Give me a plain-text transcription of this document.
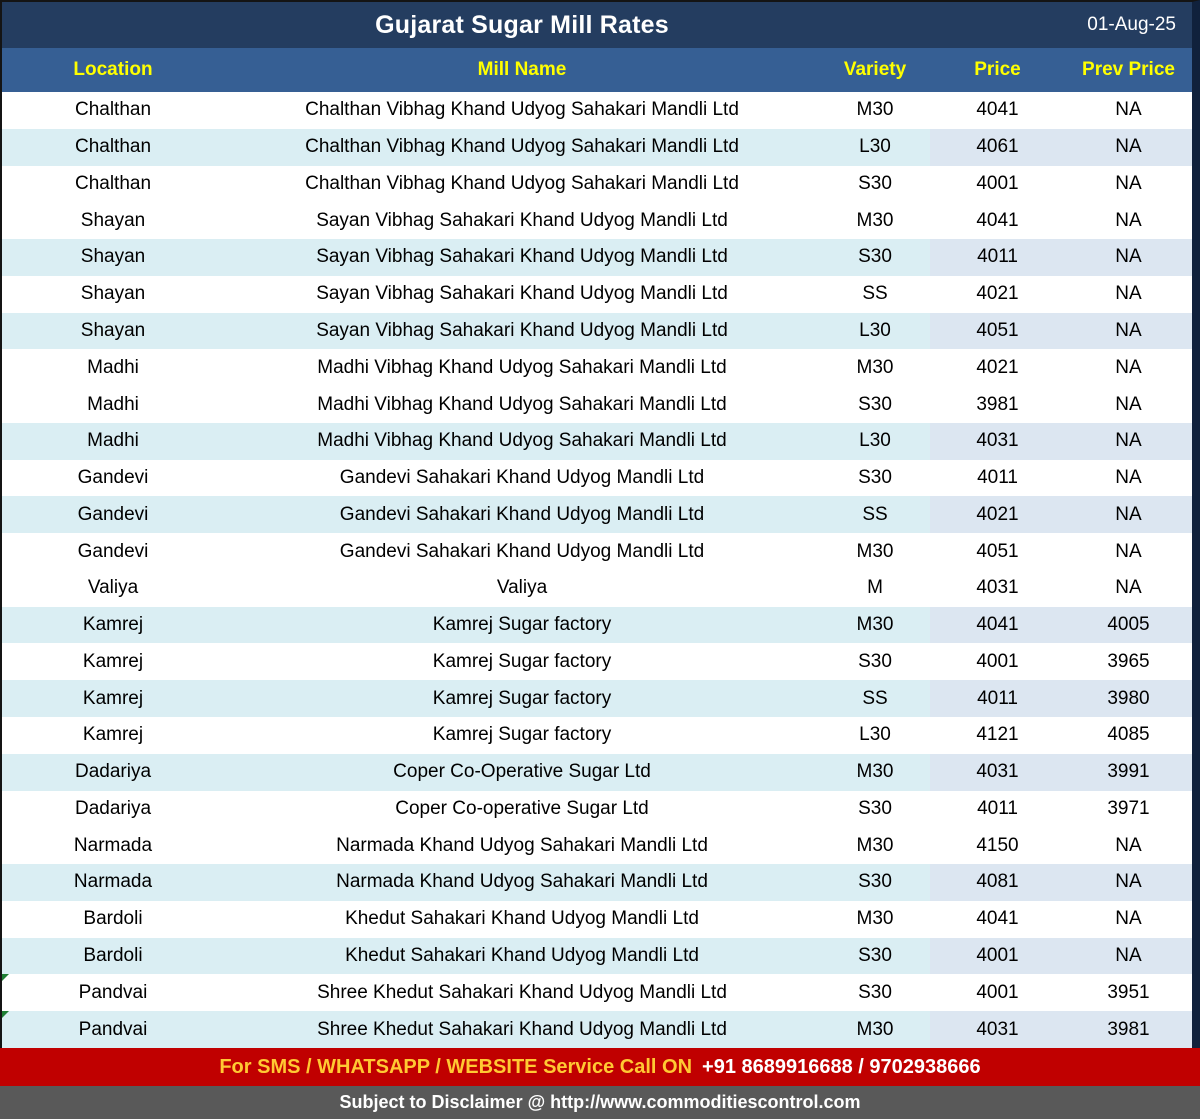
Gujarat Sugar Mill Rates	01-Aug-25
Location	Mill Name	Variety	Price	Prev Price
Chalthan	Chalthan Vibhag Khand Udyog Sahakari Mandli Ltd	M30	4041	NA
Chalthan	Chalthan Vibhag Khand Udyog Sahakari Mandli Ltd	L30	4061	NA
Chalthan	Chalthan Vibhag Khand Udyog Sahakari Mandli Ltd	S30	4001	NA
Shayan	Sayan Vibhag Sahakari Khand Udyog Mandli Ltd	M30	4041	NA
Shayan	Sayan Vibhag Sahakari Khand Udyog Mandli Ltd	S30	4011	NA
Shayan	Sayan Vibhag Sahakari Khand Udyog Mandli Ltd	SS	4021	NA
Shayan	Sayan Vibhag Sahakari Khand Udyog Mandli Ltd	L30	4051	NA
Madhi	Madhi Vibhag Khand Udyog Sahakari Mandli Ltd	M30	4021	NA
Madhi	Madhi Vibhag Khand Udyog Sahakari Mandli Ltd	S30	3981	NA
Madhi	Madhi Vibhag Khand Udyog Sahakari Mandli Ltd	L30	4031	NA
Gandevi	Gandevi Sahakari Khand Udyog Mandli Ltd	S30	4011	NA
Gandevi	Gandevi Sahakari Khand Udyog Mandli Ltd	SS	4021	NA
Gandevi	Gandevi Sahakari Khand Udyog Mandli Ltd	M30	4051	NA
Valiya	Valiya	M	4031	NA
Kamrej	Kamrej Sugar factory	M30	4041	4005
Kamrej	Kamrej Sugar factory	S30	4001	3965
Kamrej	Kamrej Sugar factory	SS	4011	3980
Kamrej	Kamrej Sugar factory	L30	4121	4085
Dadariya	Coper Co-Operative Sugar Ltd	M30	4031	3991
Dadariya	Coper Co-operative Sugar Ltd	S30	4011	3971
Narmada	Narmada Khand Udyog Sahakari Mandli Ltd	M30	4150	NA
Narmada	Narmada Khand Udyog Sahakari Mandli Ltd	S30	4081	NA
Bardoli	Khedut Sahakari Khand Udyog Mandli Ltd	M30	4041	NA
Bardoli	Khedut Sahakari Khand Udyog Mandli Ltd	S30	4001	NA
Pandvai	Shree Khedut Sahakari Khand Udyog Mandli Ltd	S30	4001	3951
Pandvai	Shree Khedut Sahakari Khand Udyog Mandli Ltd	M30	4031	3981
For SMS / WHATSAPP / WEBSITE Service Call ON +91 8689916688 / 9702938666
Subject to Disclaimer @ http://www.commoditiescontrol.com
